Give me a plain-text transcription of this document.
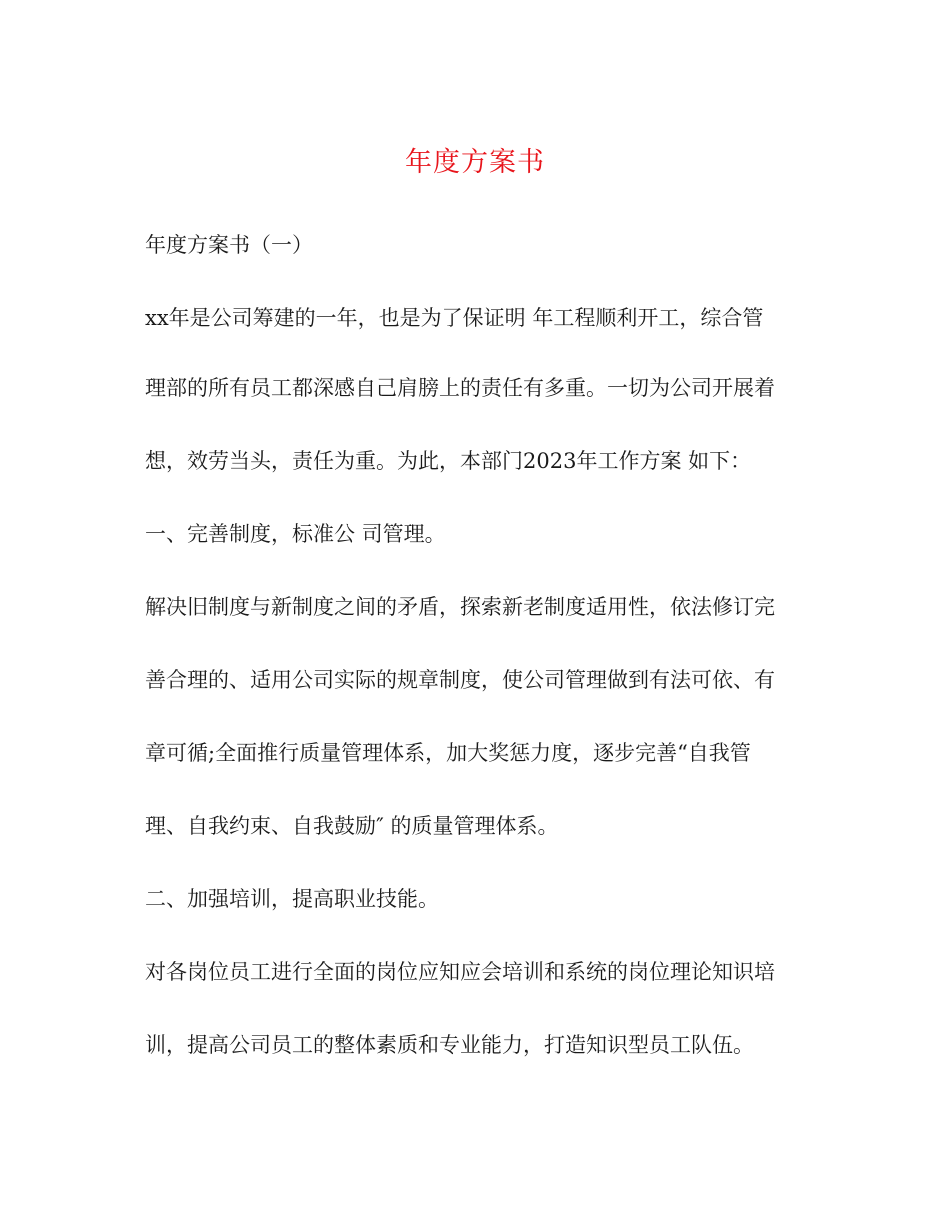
年度方案书
年度方案书（一）
xx年是公司筹建的一年，也是为了保证明 年工程顺利开工，综合管
理部的所有员工都深感自己肩膀上的责任有多重。一切为公司开展着
想，效劳当头，责任为重。为此，本部门2023年工作方案 如下：
一、完善制度，标准公 司管理。
解决旧制度与新制度之间的矛盾，探索新老制度适用性，依法修订完
善合理的、适用公司实际的规章制度，使公司管理做到有法可依、有
章可循;全面推行质量管理体系，加大奖惩力度，逐步完善“自我管
理、自我约束、自我鼓励″ 的质量管理体系。
二、加强培训，提高职业技能。
对各岗位员工进行全面的岗位应知应会培训和系统的岗位理论知识培
训，提高公司员工的整体素质和专业能力，打造知识型员工队伍。
